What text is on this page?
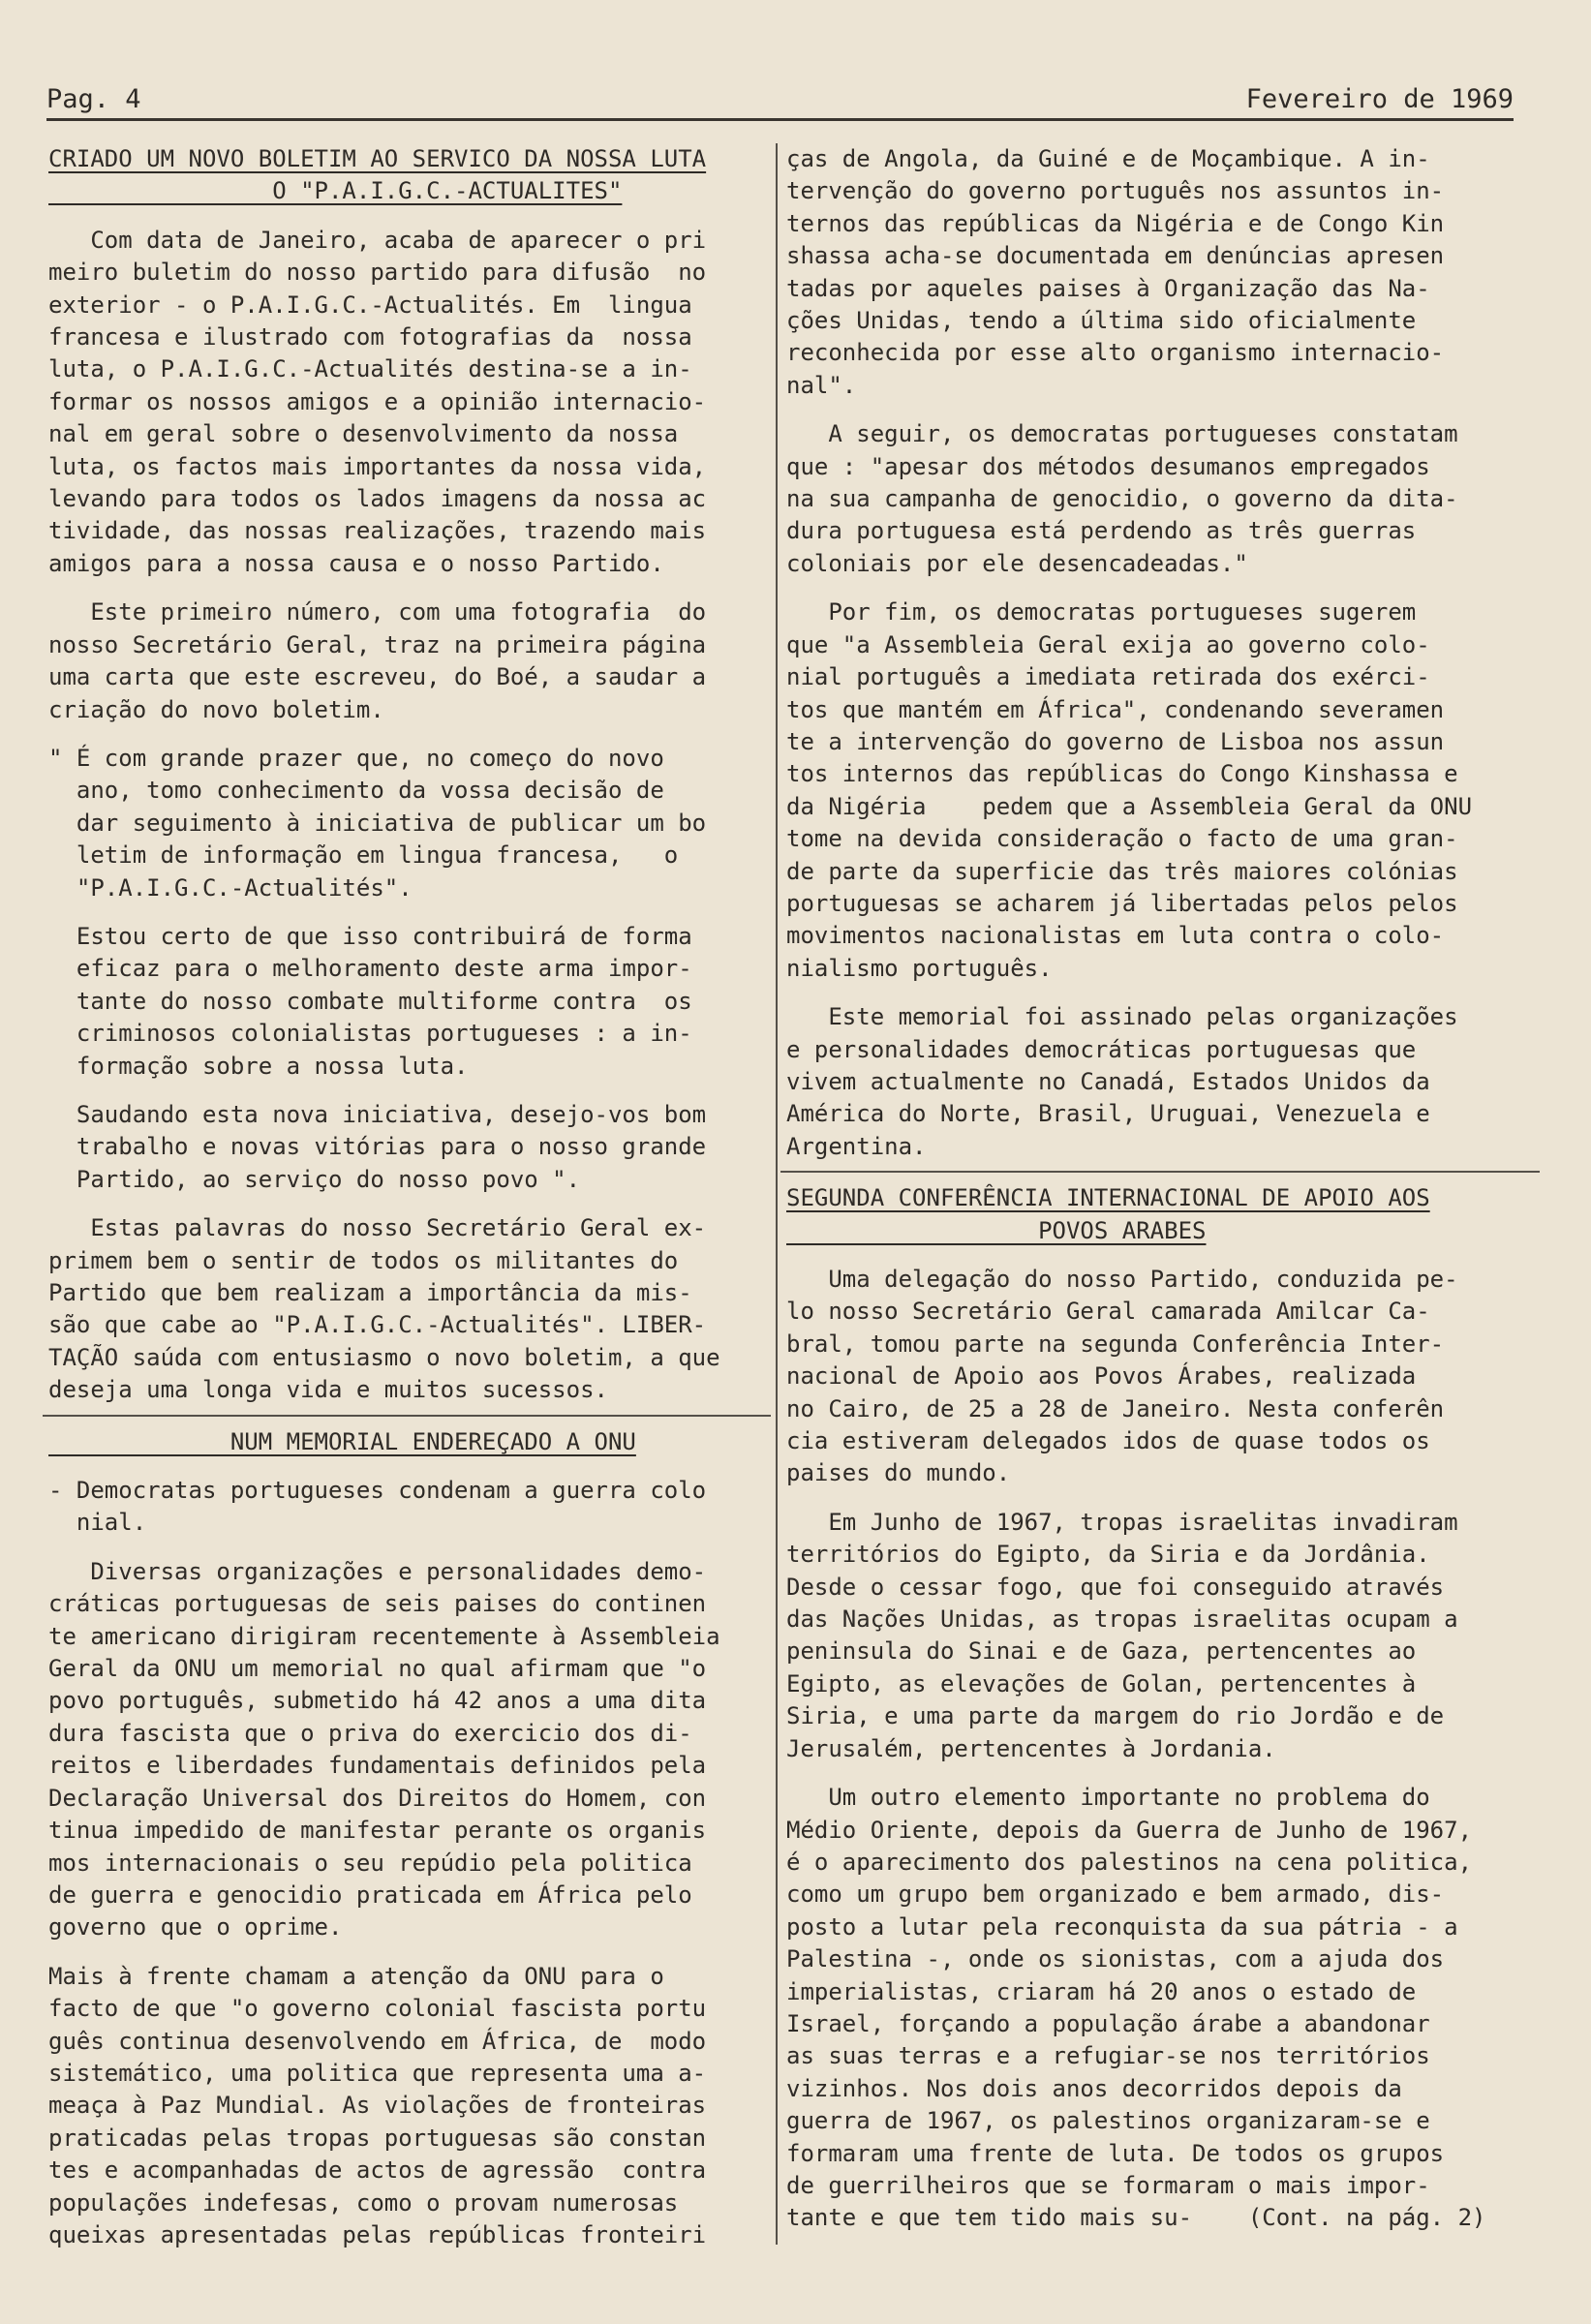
Pag. 4	Fevereiro de 1969
CRIADO UM NOVO BOLETIM AO SERVICO DA NOSSA LUTA
O "P.A.I.G.C.-ACTUALITES"
Com data de Janeiro, acaba de aparecer o pri
meiro buletim do nosso partido para difusão  no
exterior - o P.A.I.G.C.-Actualités. Em  lingua
francesa e ilustrado com fotografias da  nossa
luta, o P.A.I.G.C.-Actualités destina-se a in-
formar os nossos amigos e a opinião internacio-
nal em geral sobre o desenvolvimento da nossa
luta, os factos mais importantes da nossa vida,
levando para todos os lados imagens da nossa ac
tividade, das nossas realizações, trazendo mais
amigos para a nossa causa e o nosso Partido.
Este primeiro número, com uma fotografia  do
nosso Secretário Geral, traz na primeira página
uma carta que este escreveu, do Boé, a saudar a
criação do novo boletim.
" É com grande prazer que, no começo do novo
ano, tomo conhecimento da vossa decisão de
dar seguimento à iniciativa de publicar um bo
letim de informação em lingua francesa,   o
"P.A.I.G.C.-Actualités".
Estou certo de que isso contribuirá de forma
eficaz para o melhoramento deste arma impor-
tante do nosso combate multiforme contra  os
criminosos colonialistas portugueses : a in-
formação sobre a nossa luta.
Saudando esta nova iniciativa, desejo-vos bom
trabalho e novas vitórias para o nosso grande
Partido, ao serviço do nosso povo ".
Estas palavras do nosso Secretário Geral ex-
primem bem o sentir de todos os militantes do
Partido que bem realizam a importância da mis-
são que cabe ao "P.A.I.G.C.-Actualités". LIBER-
TAÇÃO saúda com entusiasmo o novo boletim, a que
deseja uma longa vida e muitos sucessos.
NUM MEMORIAL ENDEREÇADO A ONU
- Democratas portugueses condenam a guerra colo
nial.
Diversas organizações e personalidades demo-
cráticas portuguesas de seis paises do continen
te americano dirigiram recentemente à Assembleia
Geral da ONU um memorial no qual afirmam que "o
povo português, submetido há 42 anos a uma dita
dura fascista que o priva do exercicio dos di-
reitos e liberdades fundamentais definidos pela
Declaração Universal dos Direitos do Homem, con
tinua impedido de manifestar perante os organis
mos internacionais o seu repúdio pela politica
de guerra e genocidio praticada em África pelo
governo que o oprime.
Mais à frente chamam a atenção da ONU para o
facto de que "o governo colonial fascista portu
guês continua desenvolvendo em África, de  modo
sistemático, uma politica que representa uma a-
meaça à Paz Mundial. As violações de fronteiras
praticadas pelas tropas portuguesas são constan
tes e acompanhadas de actos de agressão  contra
populações indefesas, como o provam numerosas
queixas apresentadas pelas repúblicas fronteiri
ças de Angola, da Guiné e de Moçambique. A in-
tervenção do governo português nos assuntos in-
ternos das repúblicas da Nigéria e de Congo Kin
shassa acha-se documentada em denúncias apresen
tadas por aqueles paises à Organização das Na-
ções Unidas, tendo a última sido oficialmente
reconhecida por esse alto organismo internacio-
nal".
A seguir, os democratas portugueses constatam
que : "apesar dos métodos desumanos empregados
na sua campanha de genocidio, o governo da dita-
dura portuguesa está perdendo as três guerras
coloniais por ele desencadeadas."
Por fim, os democratas portugueses sugerem
que "a Assembleia Geral exija ao governo colo-
nial português a imediata retirada dos exérci-
tos que mantém em África", condenando severamen
te a intervenção do governo de Lisboa nos assun
tos internos das repúblicas do Congo Kinshassa e
da Nigéria    pedem que a Assembleia Geral da ONU
tome na devida consideração o facto de uma gran-
de parte da superficie das três maiores colónias
portuguesas se acharem já libertadas pelos pelos
movimentos nacionalistas em luta contra o colo-
nialismo português.
Este memorial foi assinado pelas organizações
e personalidades democráticas portuguesas que
vivem actualmente no Canadá, Estados Unidos da
América do Norte, Brasil, Uruguai, Venezuela e
Argentina.
SEGUNDA CONFERÊNCIA INTERNACIONAL DE APOIO AOS
POVOS ARABES
Uma delegação do nosso Partido, conduzida pe-
lo nosso Secretário Geral camarada Amilcar Ca-
bral, tomou parte na segunda Conferência Inter-
nacional de Apoio aos Povos Árabes, realizada
no Cairo, de 25 a 28 de Janeiro. Nesta conferên
cia estiveram delegados idos de quase todos os
paises do mundo.
Em Junho de 1967, tropas israelitas invadiram
territórios do Egipto, da Siria e da Jordânia.
Desde o cessar fogo, que foi conseguido através
das Nações Unidas, as tropas israelitas ocupam a
peninsula do Sinai e de Gaza, pertencentes ao
Egipto, as elevações de Golan, pertencentes à
Siria, e uma parte da margem do rio Jordão e de
Jerusalém, pertencentes à Jordania.
Um outro elemento importante no problema do
Médio Oriente, depois da Guerra de Junho de 1967,
é o aparecimento dos palestinos na cena politica,
como um grupo bem organizado e bem armado, dis-
posto a lutar pela reconquista da sua pátria - a
Palestina -, onde os sionistas, com a ajuda dos
imperialistas, criaram há 20 anos o estado de
Israel, forçando a população árabe a abandonar
as suas terras e a refugiar-se nos territórios
vizinhos. Nos dois anos decorridos depois da
guerra de 1967, os palestinos organizaram-se e
formaram uma frente de luta. De todos os grupos
de guerrilheiros que se formaram o mais impor-
tante e que tem tido mais su-    (Cont. na pág. 2)
